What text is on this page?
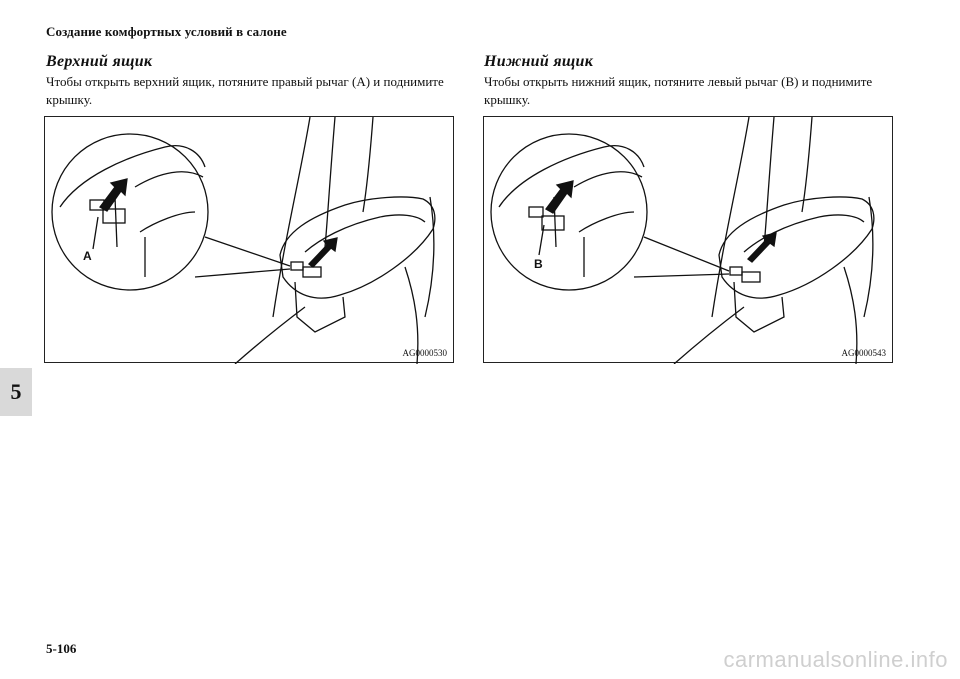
Создание комфортных условий в салоне
Верхний ящик
Чтобы открыть верхний ящик, потяните правый рычаг (A) и поднимите крышку.
A
AG0000530
Нижний ящик
Чтобы открыть нижний ящик, потяните левый рычаг (B) и поднимите крышку.
B
AG0000543
5
5-106	carmanualsonline.info
